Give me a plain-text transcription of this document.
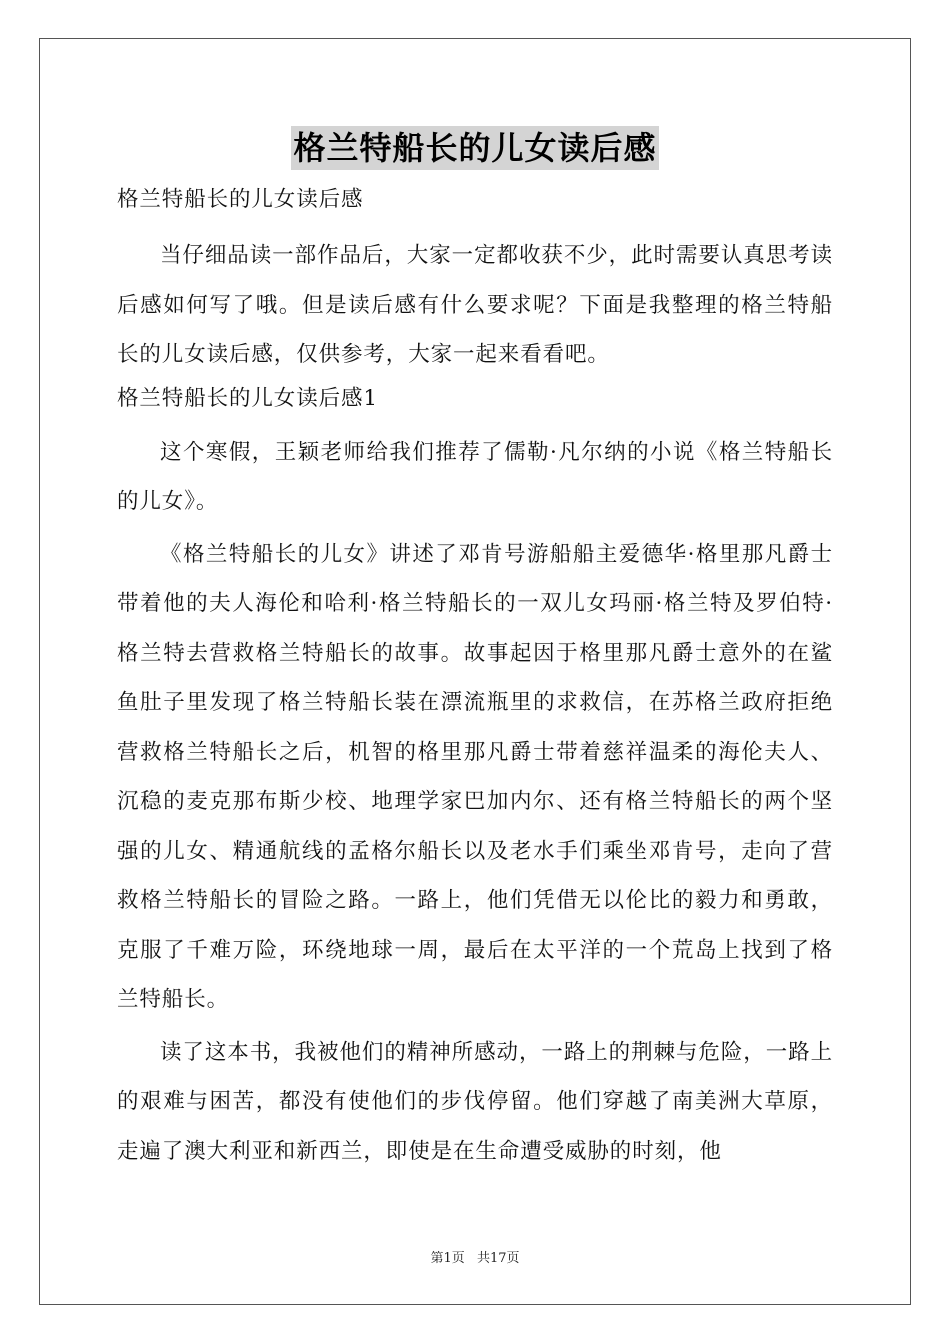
格兰特船长的儿女读后感

格兰特船长的儿女读后感

当仔细品读一部作品后，大家一定都收获不少，此时需要认真思考读后感如何写了哦。但是读后感有什么要求呢？下面是我整理的格兰特船长的儿女读后感，仅供参考，大家一起来看看吧。

格兰特船长的儿女读后感1

这个寒假，王颖老师给我们推荐了儒勒·凡尔纳的小说《格兰特船长的儿女》。

《格兰特船长的儿女》讲述了邓肯号游船船主爱德华·格里那凡爵士带着他的夫人海伦和哈利·格兰特船长的一双儿女玛丽·格兰特及罗伯特·格兰特去营救格兰特船长的故事。故事起因于格里那凡爵士意外的在鲨鱼肚子里发现了格兰特船长装在漂流瓶里的求救信，在苏格兰政府拒绝营救格兰特船长之后，机智的格里那凡爵士带着慈祥温柔的海伦夫人、沉稳的麦克那布斯少校、地理学家巴加内尔、还有格兰特船长的两个坚强的儿女、精通航线的孟格尔船长以及老水手们乘坐邓肯号，走向了营救格兰特船长的冒险之路。一路上，他们凭借无以伦比的毅力和勇敢，克服了千难万险，环绕地球一周，最后在太平洋的一个荒岛上找到了格兰特船长。

读了这本书，我被他们的精神所感动，一路上的荆棘与危险，一路上的艰难与困苦，都没有使他们的步伐停留。他们穿越了南美洲大草原，走遍了澳大利亚和新西兰，即使是在生命遭受威胁的时刻，他

第1页 共17页
